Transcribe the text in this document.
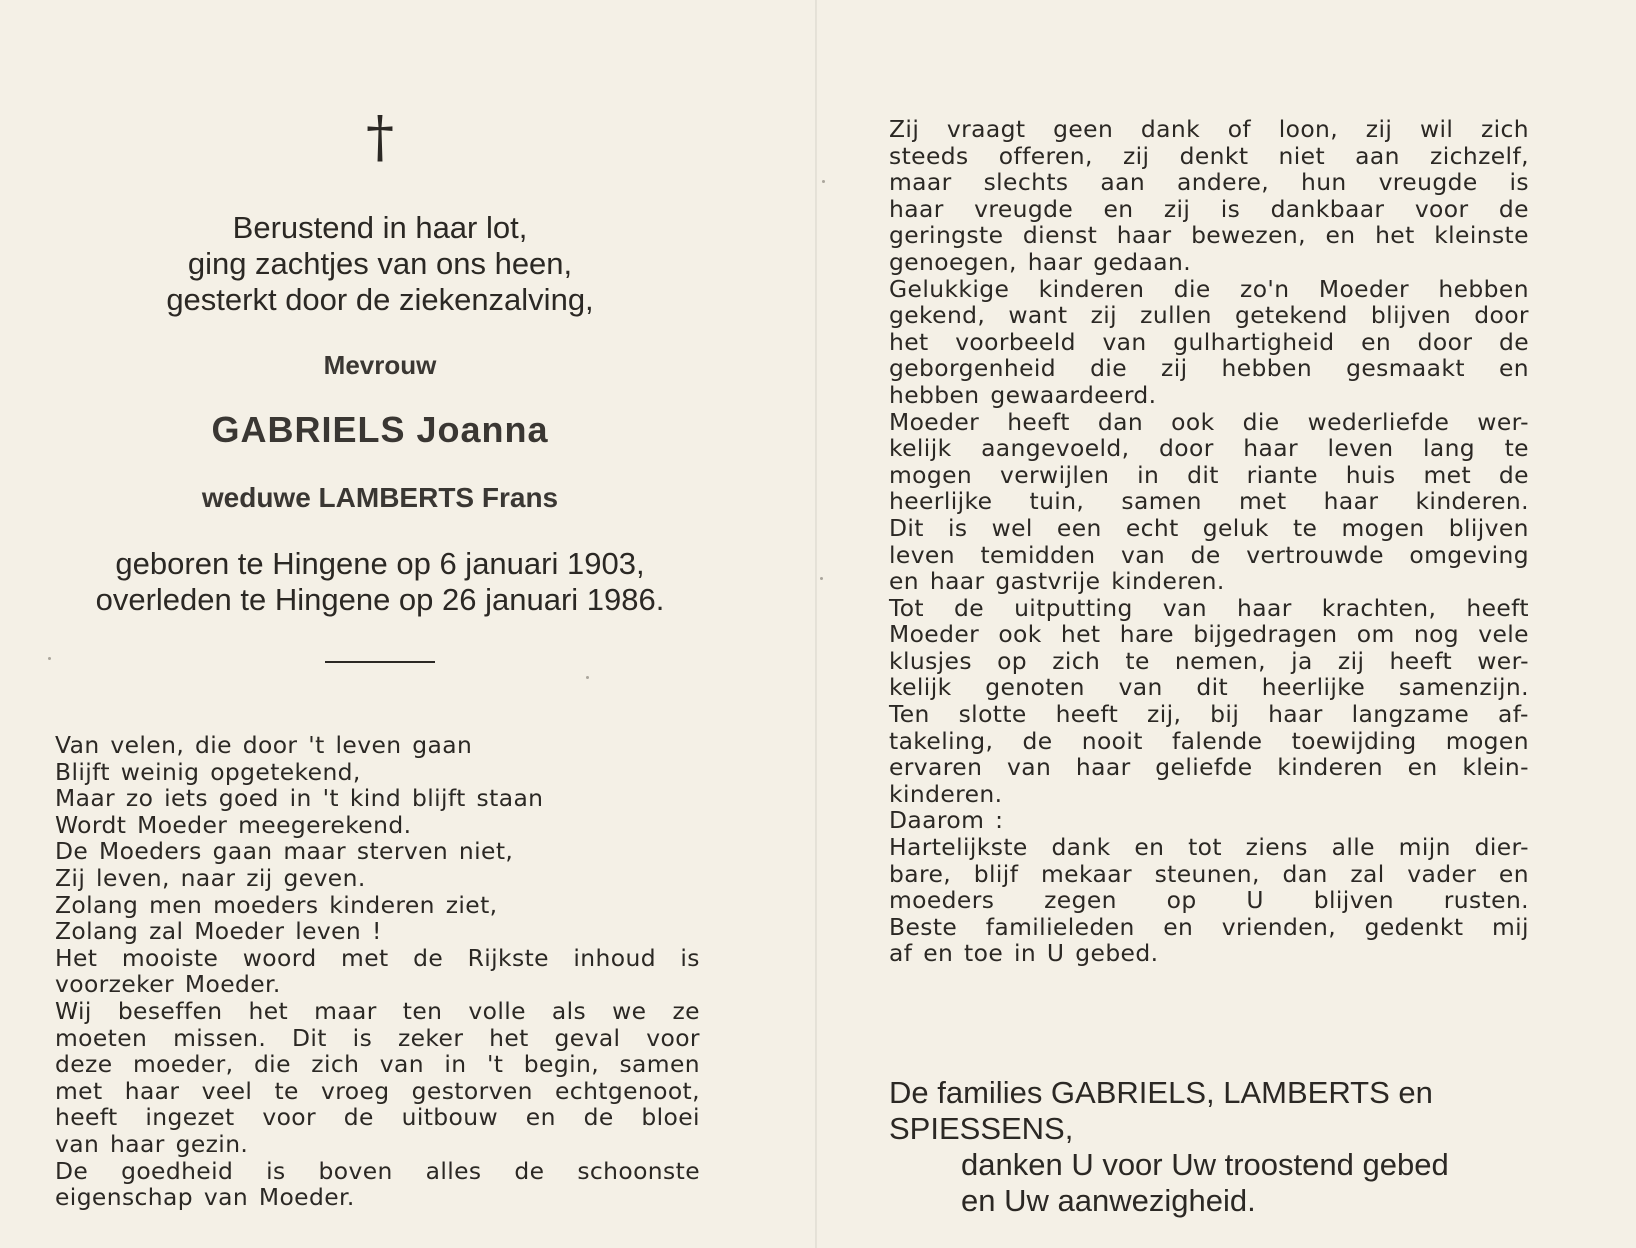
†
Berustend in haar lot,
ging zachtjes van ons heen,
gesterkt door de ziekenzalving,
Mevrouw
GABRIELS Joanna
weduwe LAMBERTS Frans
geboren te Hingene op 6 januari 1903,
overleden te Hingene op 26 januari 1986.
Van velen, die door 't leven gaan
Blijft weinig opgetekend,
Maar zo iets goed in 't kind blijft staan
Wordt Moeder meegerekend.
De Moeders gaan maar sterven niet,
Zij leven, naar zij geven.
Zolang men moeders kinderen ziet,
Zolang zal Moeder leven !
Het mooiste woord met de Rijkste inhoud is
voorzeker Moeder.
Wij beseffen het maar ten volle als we ze
moeten missen. Dit is zeker het geval voor
deze moeder, die zich van in 't begin, samen
met haar veel te vroeg gestorven echtgenoot,
heeft ingezet voor de uitbouw en de bloei
van haar gezin.
De goedheid is boven alles de schoonste
eigenschap van Moeder.
Zij vraagt geen dank of loon, zij wil zich
steeds offeren, zij denkt niet aan zichzelf,
maar slechts aan andere, hun vreugde is
haar vreugde en zij is dankbaar voor de
geringste dienst haar bewezen, en het kleinste
genoegen, haar gedaan.
Gelukkige kinderen die zo'n Moeder hebben
gekend, want zij zullen getekend blijven door
het voorbeeld van gulhartigheid en door de
geborgenheid die zij hebben gesmaakt en
hebben gewaardeerd.
Moeder heeft dan ook die wederliefde wer-
kelijk aangevoeld, door haar leven lang te
mogen verwijlen in dit riante huis met de
heerlijke tuin, samen met haar kinderen.
Dit is wel een echt geluk te mogen blijven
leven temidden van de vertrouwde omgeving
en haar gastvrije kinderen.
Tot de uitputting van haar krachten, heeft
Moeder ook het hare bijgedragen om nog vele
klusjes op zich te nemen, ja zij heeft wer-
kelijk genoten van dit heerlijke samenzijn.
Ten slotte heeft zij, bij haar langzame af-
takeling, de nooit falende toewijding mogen
ervaren van haar geliefde kinderen en klein-
kinderen.
Daarom :
Hartelijkste dank en tot ziens alle mijn dier-
bare, blijf mekaar steunen, dan zal vader en
moeders zegen op U blijven rusten.
Beste familieleden en vrienden, gedenkt mij
af en toe in U gebed.
De families GABRIELS, LAMBERTS en
SPIESSENS,
danken U voor Uw troostend gebed
en Uw aanwezigheid.
